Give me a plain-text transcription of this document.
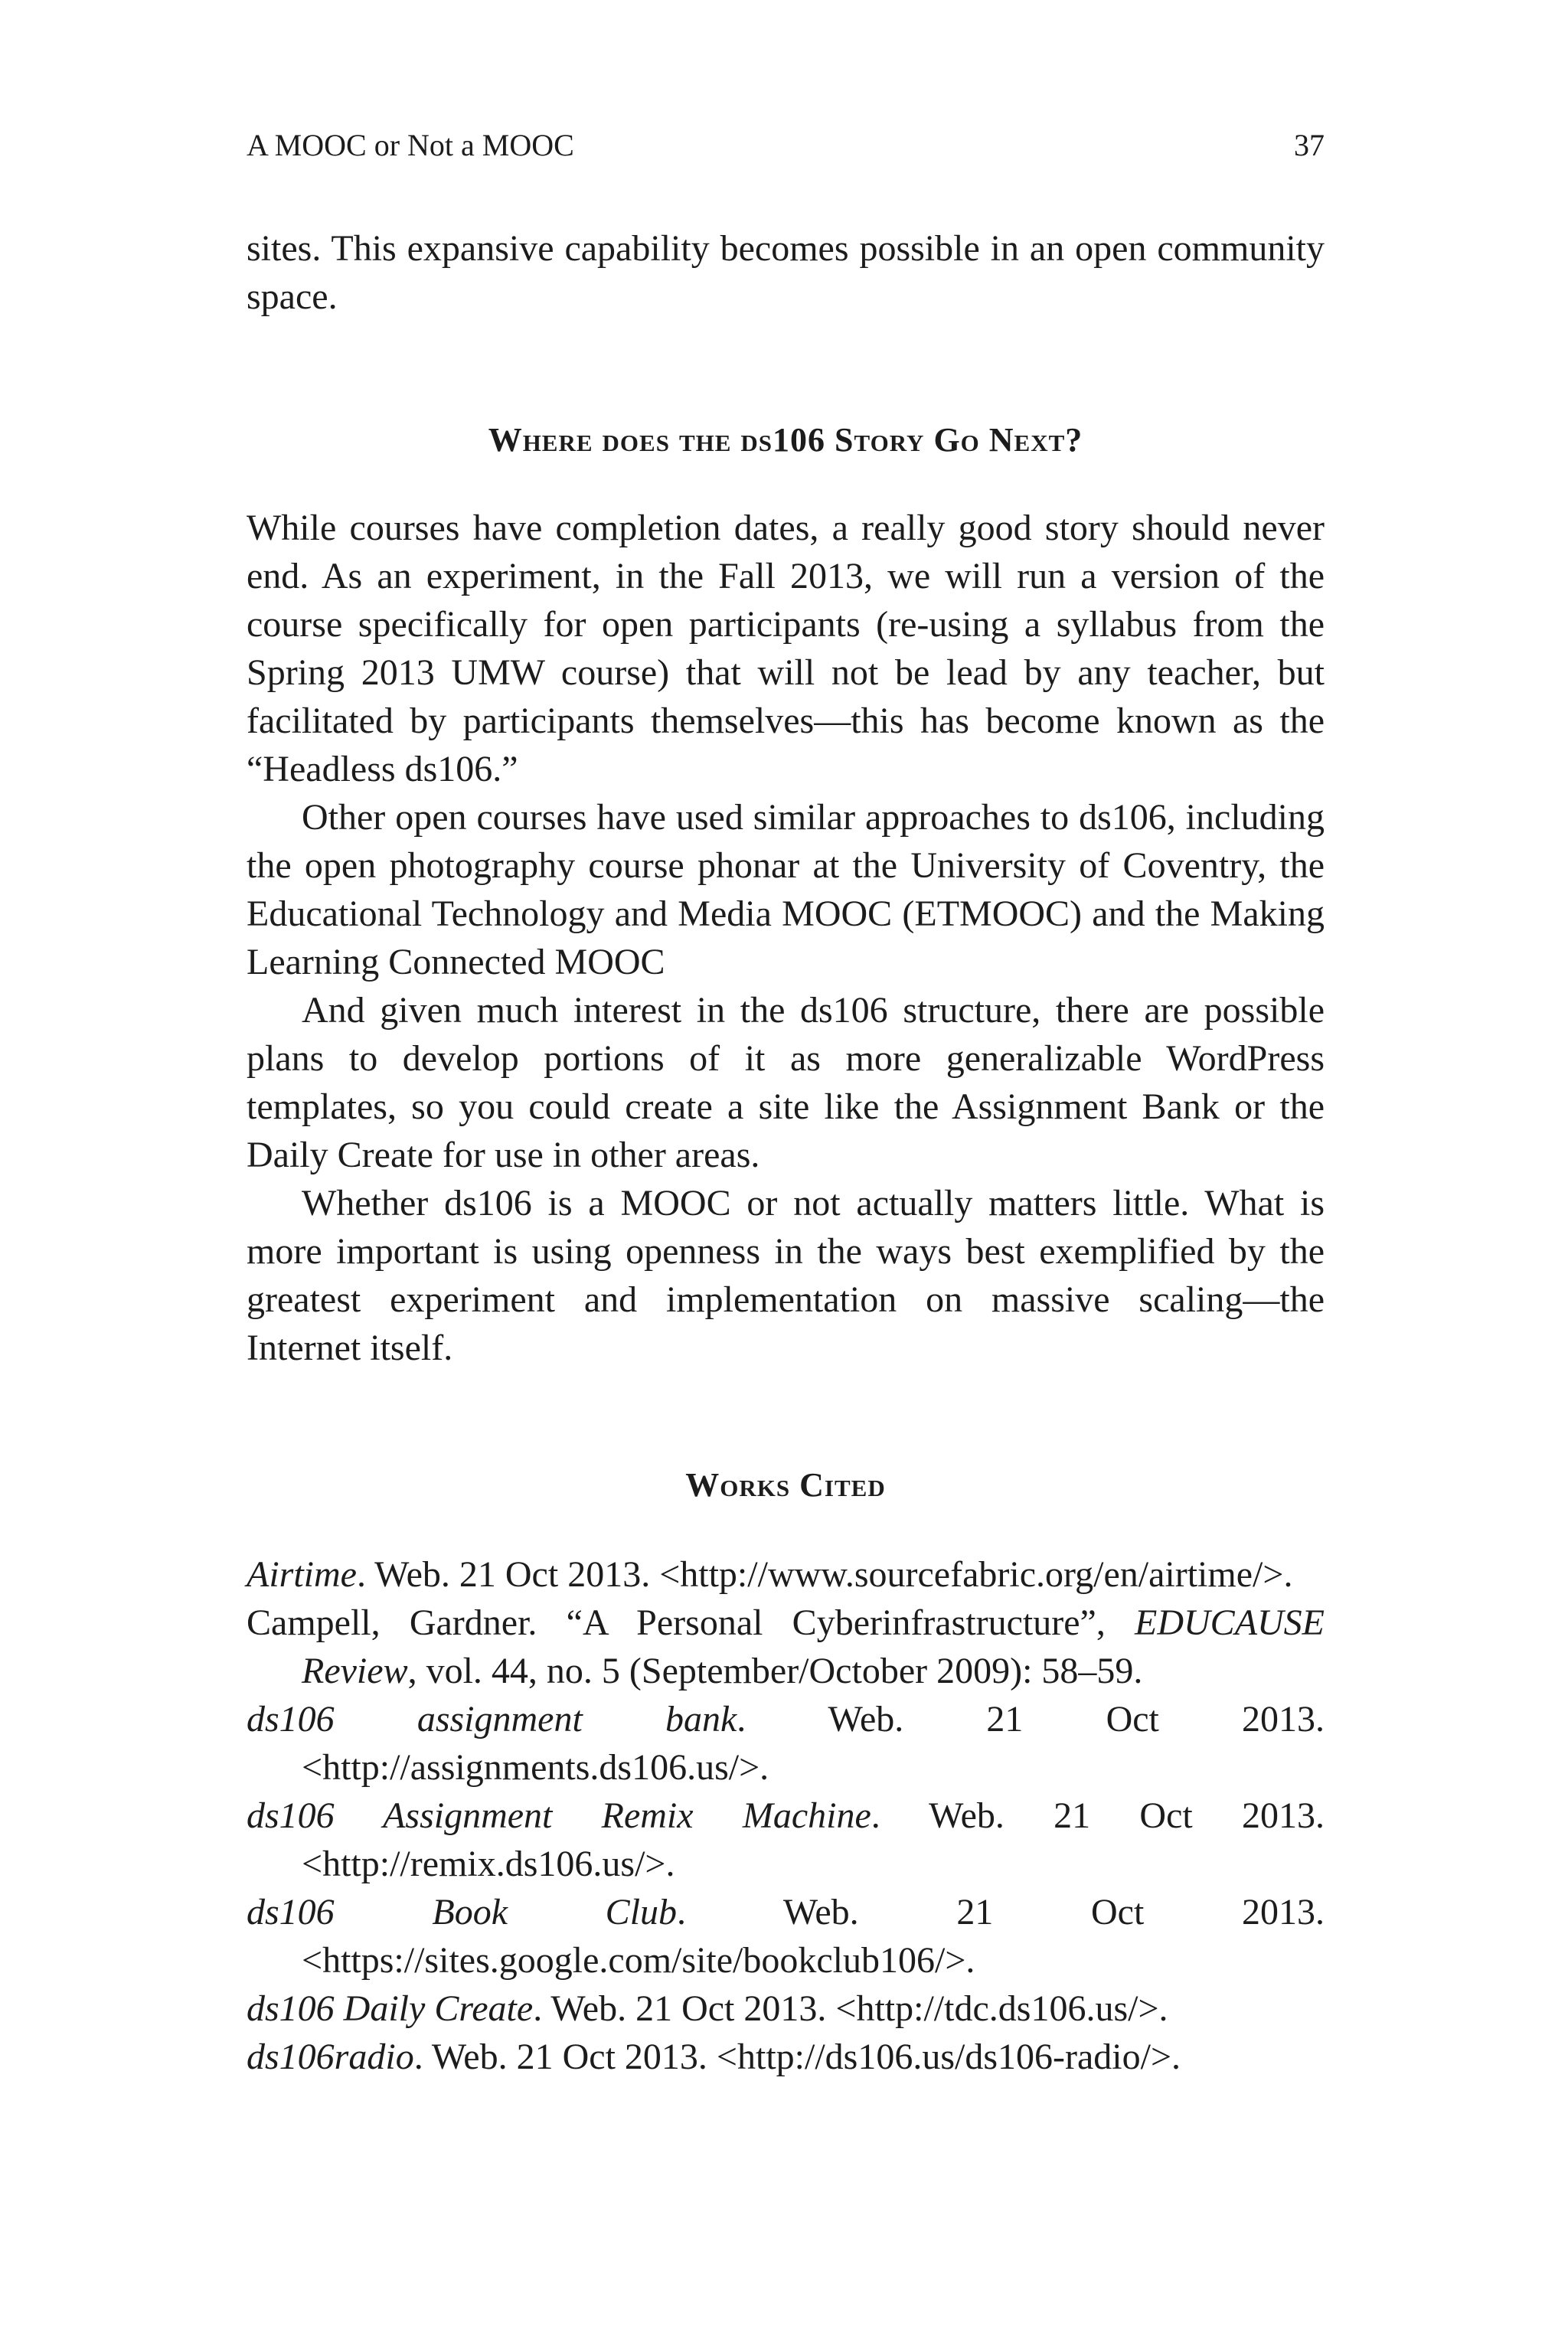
A MOOC or Not a MOOC	37

sites. This expansive capability becomes possible in an open community space.

Where does the ds106 Story Go Next?

While courses have completion dates, a really good story should never end. As an experiment, in the Fall 2013, we will run a version of the course specifically for open participants (re-using a syllabus from the Spring 2013 UMW course) that will not be lead by any teacher, but facilitated by participants themselves—this has become known as the “Headless ds106.”

Other open courses have used similar approaches to ds106, including the open photography course phonar at the University of Coventry, the Educational Technology and Media MOOC (ETMOOC) and the Making Learning Connected MOOC

And given much interest in the ds106 structure, there are possible plans to develop portions of it as more generalizable WordPress templates, so you could create a site like the Assignment Bank or the Daily Create for use in other areas.

Whether ds106 is a MOOC or not actually matters little. What is more important is using openness in the ways best exemplified by the greatest experiment and implementation on massive scaling—the Internet itself.

Works Cited

Airtime. Web. 21 Oct 2013. <http://www.sourcefabric.org/en/airtime/>.

Campell, Gardner. “A Personal Cyberinfrastructure”, EDUCAUSE Review, vol. 44, no. 5 (September/October 2009): 58–59.

ds106 assignment bank. Web. 21 Oct 2013. <http://assignments.ds106.us/>.

ds106 Assignment Remix Machine. Web. 21 Oct 2013. <http://remix.ds106.us/>.

ds106 Book Club. Web. 21 Oct 2013. <https://sites.google.com/site/bookclub106/>.

ds106 Daily Create. Web. 21 Oct 2013. <http://tdc.ds106.us/>.

ds106radio. Web. 21 Oct 2013. <http://ds106.us/ds106-radio/>.
